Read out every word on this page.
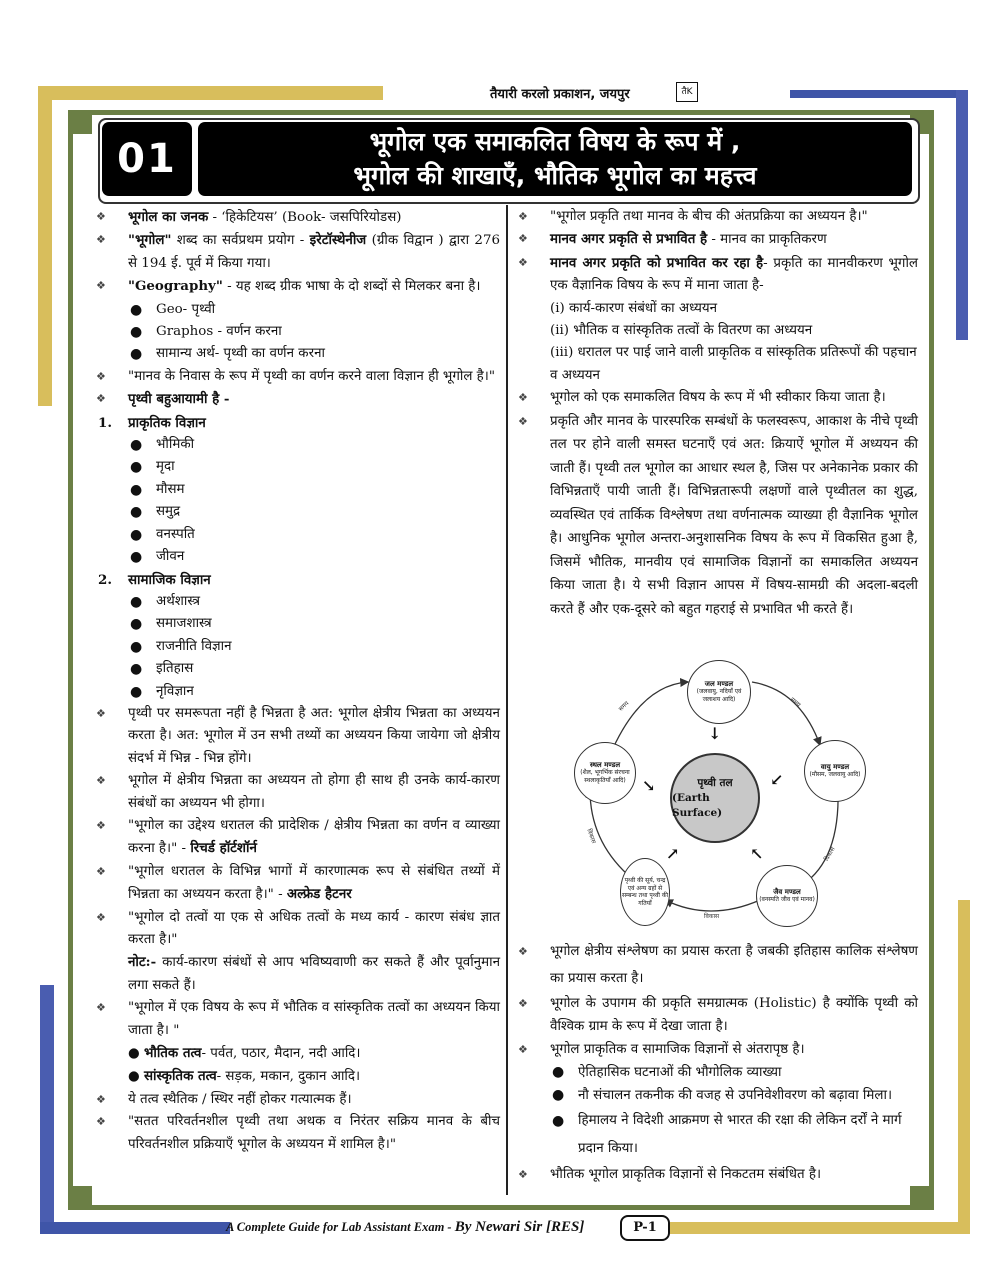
तैयारी करलो प्रकाशन, जयपुर	तैK
01	भूगोल एक समाकलित विषय के रूप में ,
भूगोल की शाखाएँ, भौतिक भूगोल का महत्त्व
❖ भूगोल का जनक - ‘हिकेटियस’ (Book- जसपिरियोडस)
❖ "भूगोल" शब्द का सर्वप्रथम प्रयोग - इरेटॉस्थेनीज (ग्रीक विद्वान ) द्वारा 276 से 194 ई. पूर्व में किया गया।
❖ "Geography" - यह शब्द ग्रीक भाषा के दो शब्दों से मिलकर बना है।
● Geo- पृथ्वी
● Graphos - वर्णन करना
● सामान्य अर्थ- पृथ्वी का वर्णन करना
❖ "मानव के निवास के रूप में पृथ्वी का वर्णन करने वाला विज्ञान ही भूगोल है।"
❖ पृथ्वी बहुआयामी है -
1. प्राकृतिक विज्ञान
● भौमिकी
● मृदा
● मौसम
● समुद्र
● वनस्पति
● जीवन
2. सामाजिक विज्ञान
● अर्थशास्त्र
● समाजशास्त्र
● राजनीति विज्ञान
● इतिहास
● नृविज्ञान
❖ पृथ्वी पर समरूपता नहीं है भिन्नता है अत: भूगोल क्षेत्रीय भिन्नता का अध्ययन करता है। अत: भूगोल में उन सभी तथ्यों का अध्ययन किया जायेगा जो क्षेत्रीय संदर्भ में भिन्न - भिन्न होंगे।
❖ भूगोल में क्षेत्रीय भिन्नता का अध्ययन तो होगा ही साथ ही उनके कार्य-कारण संबंधों का अध्ययन भी होगा।
❖ "भूगोल का उद्देश्य धरातल की प्रादेशिक / क्षेत्रीय भिन्नता का वर्णन व व्याख्या करना है।" - रिचर्ड हॉर्टशॉर्न
❖ "भूगोल धरातल के विभिन्न भागों में कारणात्मक रूप से संबंधित तथ्यों में भिन्नता का अध्ययन करता है।" - अल्फ्रेड हैटनर
❖ "भूगोल दो तत्वों या एक से अधिक तत्वों के मध्य कार्य - कारण संबंध ज्ञात करता है।"
नोट:- कार्य-कारण संबंधों से आप भविष्यवाणी कर सकते हैं और पूर्वानुमान लगा सकते हैं।
❖ "भूगोल में एक विषय के रूप में भौतिक व सांस्कृतिक तत्वों का अध्ययन किया जाता है। "
● भौतिक तत्व- पर्वत, पठार, मैदान, नदी आदि।
● सांस्कृतिक तत्व- सड़क, मकान, दुकान आदि।
❖ ये तत्व स्थैतिक / स्थिर नहीं होकर गत्यात्मक हैं।
❖ "सतत परिवर्तनशील पृथ्वी तथा अथक व निरंतर सक्रिय मानव के बीच परिवर्तनशील प्रक्रियाएँ भूगोल के अध्ययन में शामिल है।"
❖ "भूगोल प्रकृति तथा मानव के बीच की अंतप्रक्रिया का अध्ययन है।"
❖ मानव अगर प्रकृति से प्रभावित है - मानव का प्राकृतिकरण
❖ मानव अगर प्रकृति को प्रभावित कर रहा है- प्रकृति का मानवीकरण भूगोल एक वैज्ञानिक विषय के रूप में माना जाता है-
(i) कार्य-कारण संबंधों का अध्ययन
(ii) भौतिक व सांस्कृतिक तत्वों के वितरण का अध्ययन
(iii) धरातल पर पाई जाने वाली प्राकृतिक व सांस्कृतिक प्रतिरूपों की पहचान व अध्ययन
❖ भूगोल को एक समाकलित विषय के रूप में भी स्वीकार किया जाता है।
❖ प्रकृति और मानव के पारस्परिक सम्बंधों के फलस्वरूप, आकाश के नीचे पृथ्वी तल पर होने वाली समस्त घटनाएँ एवं अत: क्रियाऐं भूगोल में अध्ययन की जाती हैं। पृथ्वी तल भूगोल का आधार स्थल है, जिस पर अनेकानेक प्रकार की विभिन्नताएँ पायी जाती हैं। विभिन्नतारूपी लक्षणों वाले पृथ्वीतल का शुद्ध, व्यवस्थित एवं तार्किक विश्लेषण तथा वर्णनात्मक व्याख्या ही वैज्ञानिक भूगोल है। आधुनिक भूगोल अन्तरा-अनुशासनिक विषय के रूप में विकसित हुआ है, जिसमें भौतिक, मानवीय एवं सामाजिक विज्ञानों का समाकलित अध्ययन किया जाता है। ये सभी विज्ञान आपस में विषय-सामग्री की अदला-बदली करते हैं और एक-दूसरे को बहुत गहराई से प्रभावित भी करते हैं।
पृथ्वी तल
(Earth Surface)
जल मण्डल
(जलवायु, नदियाँ एवं जलाशय आदि)
वायु मण्डल
(मौसम, जलवायु आदि)
जैव मण्डल
(वनस्पति जीव एवं मानव)
पृथ्वी की सूर्य, चन्द्र एवं अन्य ग्रहों से सम्बन्ध तथा पृथ्वी की गतियाँ
स्थल मण्डल
(शैल, भूगर्भिक संरचना स्थलाकृतियाँ आदि)
↓
↘	↙
↗	↖
समय	समय
विकास
विकास
विकास
❖ भूगोल क्षेत्रीय संश्लेषण का प्रयास करता है जबकी इतिहास कालिक संश्लेषण का प्रयास करता है।
❖ भूगोल के उपागम की प्रकृति समग्रात्मक (Holistic) है क्योंकि पृथ्वी को वैश्विक ग्राम के रूप में देखा जाता है।
❖ भूगोल प्राकृतिक व सामाजिक विज्ञानों से अंतरापृष्ठ है।
● ऐतिहासिक घटनाओं की भौगोलिक व्याख्या
● नौ संचालन तकनीक की वजह से उपनिवेशीवरण को बढ़ावा मिला।
● हिमालय ने विदेशी आक्रमण से भारत की रक्षा की लेकिन दर्रों ने मार्ग प्रदान किया।
❖ भौतिक भूगोल प्राकृतिक विज्ञानों से निकटतम संबंधित है।
A Complete Guide for Lab Assistant Exam - By Newari Sir [RES]	P-1
